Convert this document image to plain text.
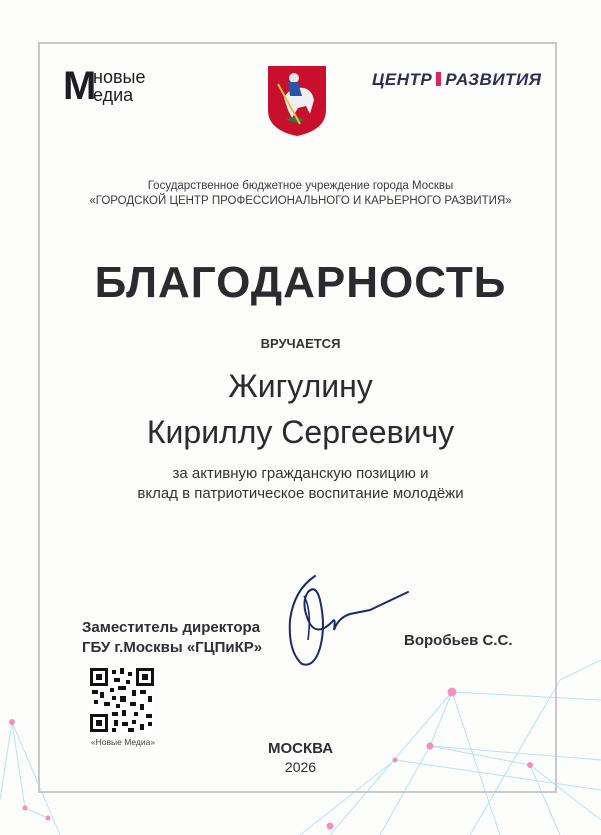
М
новые
едиа
ЦЕНТР РАЗВИТИЯ
Государственное бюджетное учреждение города Москвы
«ГОРОДСКОЙ ЦЕНТР ПРОФЕССИОНАЛЬНОГО И КАРЬЕРНОГО РАЗВИТИЯ»
БЛАГОДАРНОСТЬ
ВРУЧАЕТСЯ
Жигулину
Кириллу Сергеевичу
за активную гражданскую позицию и
вклад в патриотическое воспитание молодёжи
Заместитель директора
ГБУ г.Москвы «ГЦПиКР»	Воробьев С.С.
«Новые Медиа»	МОСКВА
2026
